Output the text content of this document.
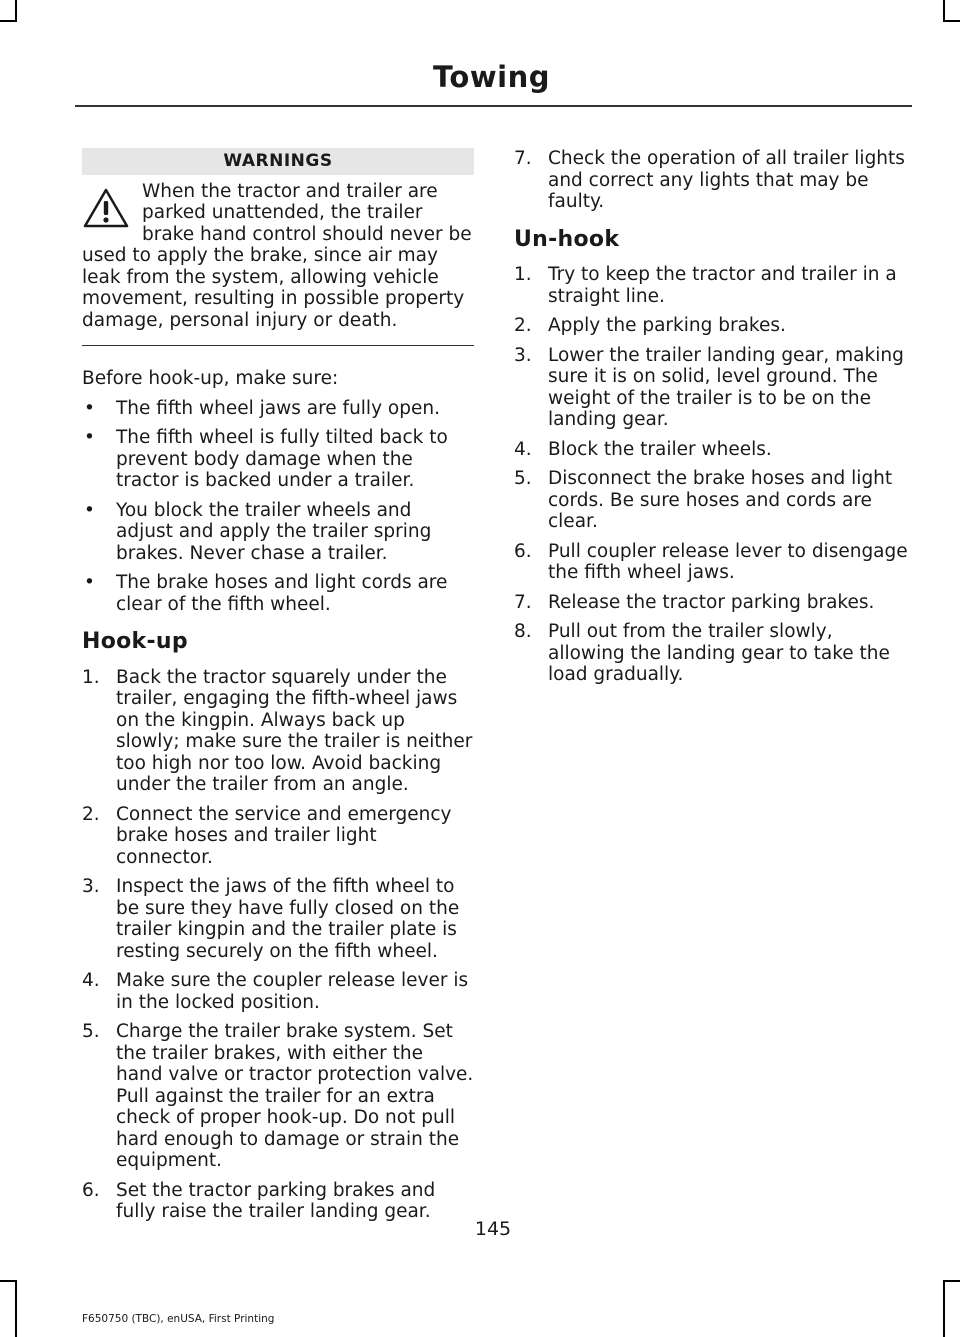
Towing
WARNINGS

When the tractor and trailer are parked unattended, the trailer brake hand control should never be used to apply the brake, since air may leak from the system, allowing vehicle movement, resulting in possible property damage, personal injury or death.

Before hook-up, make sure:

• The fifth wheel jaws are fully open.
• The fifth wheel is fully tilted back to prevent body damage when the tractor is backed under a trailer.
• You block the trailer wheels and adjust and apply the trailer spring brakes. Never chase a trailer.
• The brake hoses and light cords are clear of the fifth wheel.
Hook-up
1. Back the tractor squarely under the trailer, engaging the fifth-wheel jaws on the kingpin. Always back up slowly; make sure the trailer is neither too high nor too low. Avoid backing under the trailer from an angle.
2. Connect the service and emergency brake hoses and trailer light connector.
3. Inspect the jaws of the fifth wheel to be sure they have fully closed on the trailer kingpin and the trailer plate is resting securely on the fifth wheel.
4. Make sure the coupler release lever is in the locked position.
5. Charge the trailer brake system. Set the trailer brakes, with either the hand valve or tractor protection valve. Pull against the trailer for an extra check of proper hook-up. Do not pull hard enough to damage or strain the equipment.
6. Set the tractor parking brakes and fully raise the trailer landing gear.
7. Check the operation of all trailer lights and correct any lights that may be faulty.
Un-hook
1. Try to keep the tractor and trailer in a straight line.
2. Apply the parking brakes.
3. Lower the trailer landing gear, making sure it is on solid, level ground. The weight of the trailer is to be on the landing gear.
4. Block the trailer wheels.
5. Disconnect the brake hoses and light cords. Be sure hoses and cords are clear.
6. Pull coupler release lever to disengage the fifth wheel jaws.
7. Release the tractor parking brakes.
8. Pull out from the trailer slowly, allowing the landing gear to take the load gradually.
145
F650750 (TBC), enUSA, First Printing
